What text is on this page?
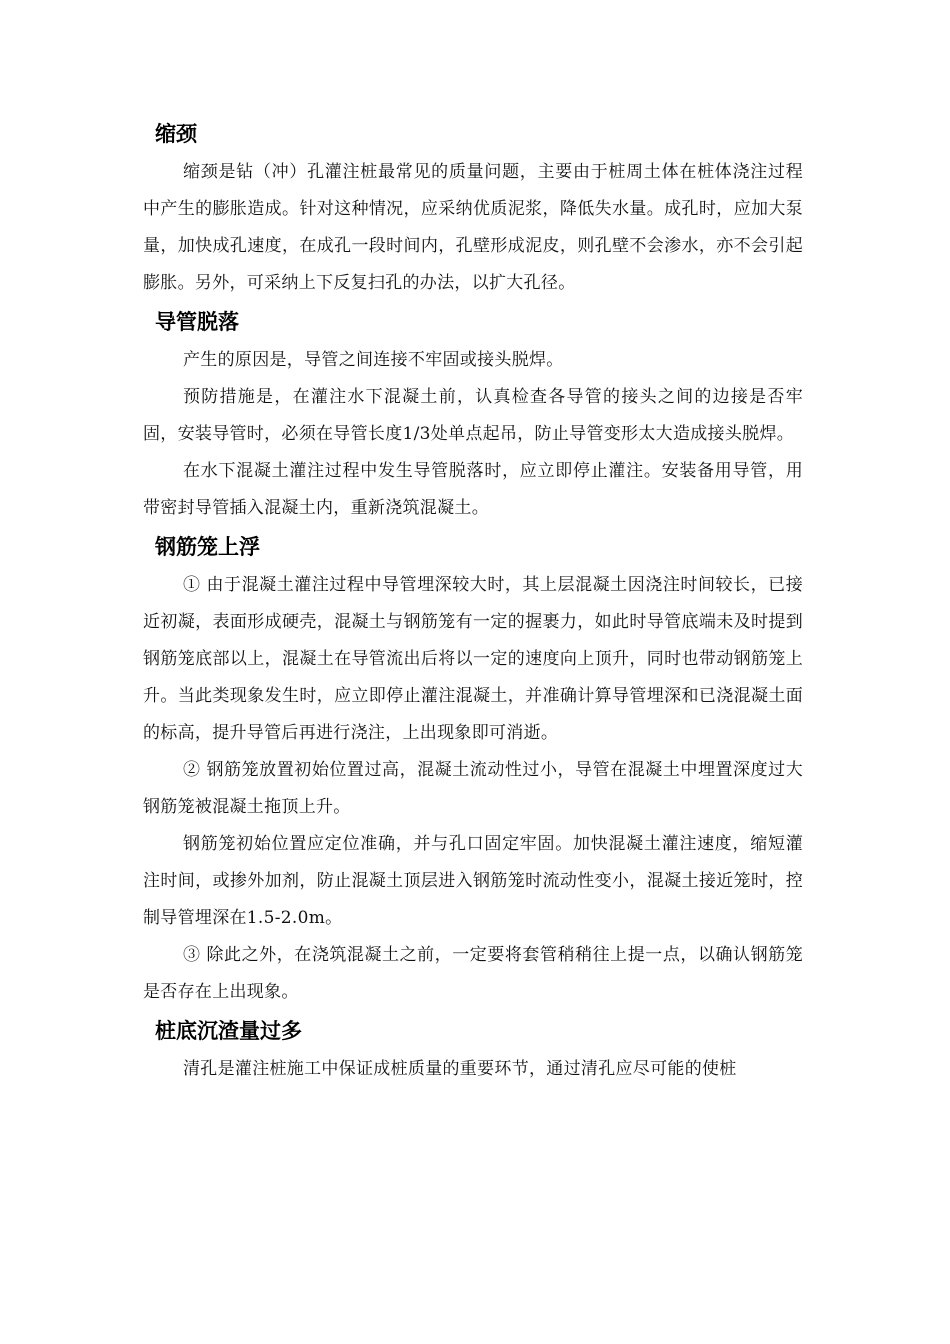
缩颈

缩颈是钻（冲）孔灌注桩最常见的质量问题，主要由于桩周土体在桩体浇注过程中产生的膨胀造成。针对这种情况，应采纳优质泥浆，降低失水量。成孔时，应加大泵量，加快成孔速度，在成孔一段时间内，孔壁形成泥皮，则孔壁不会渗水，亦不会引起膨胀。另外，可采纳上下反复扫孔的办法，以扩大孔径。

导管脱落

产生的原因是，导管之间连接不牢固或接头脱焊。

预防措施是，在灌注水下混凝土前，认真检查各导管的接头之间的边接是否牢固，安装导管时，必须在导管长度1/3处单点起吊，防止导管变形太大造成接头脱焊。

在水下混凝土灌注过程中发生导管脱落时，应立即停止灌注。安装备用导管，用带密封导管插入混凝土内，重新浇筑混凝土。

钢筋笼上浮

① 由于混凝土灌注过程中导管埋深较大时，其上层混凝土因浇注时间较长，已接近初凝，表面形成硬壳，混凝土与钢筋笼有一定的握裹力，如此时导管底端未及时提到钢筋笼底部以上，混凝土在导管流出后将以一定的速度向上顶升，同时也带动钢筋笼上升。当此类现象发生时，应立即停止灌注混凝土，并准确计算导管埋深和已浇混凝土面的标高，提升导管后再进行浇注，上出现象即可消逝。

② 钢筋笼放置初始位置过高，混凝土流动性过小，导管在混凝土中埋置深度过大钢筋笼被混凝土拖顶上升。

钢筋笼初始位置应定位准确，并与孔口固定牢固。加快混凝土灌注速度，缩短灌注时间，或掺外加剂，防止混凝土顶层进入钢筋笼时流动性变小，混凝土接近笼时，控制导管埋深在1.5-2.0m。

③ 除此之外，在浇筑混凝土之前，一定要将套管稍稍往上提一点，以确认钢筋笼是否存在上出现象。

桩底沉渣量过多

清孔是灌注桩施工中保证成桩质量的重要环节，通过清孔应尽可能的使桩
